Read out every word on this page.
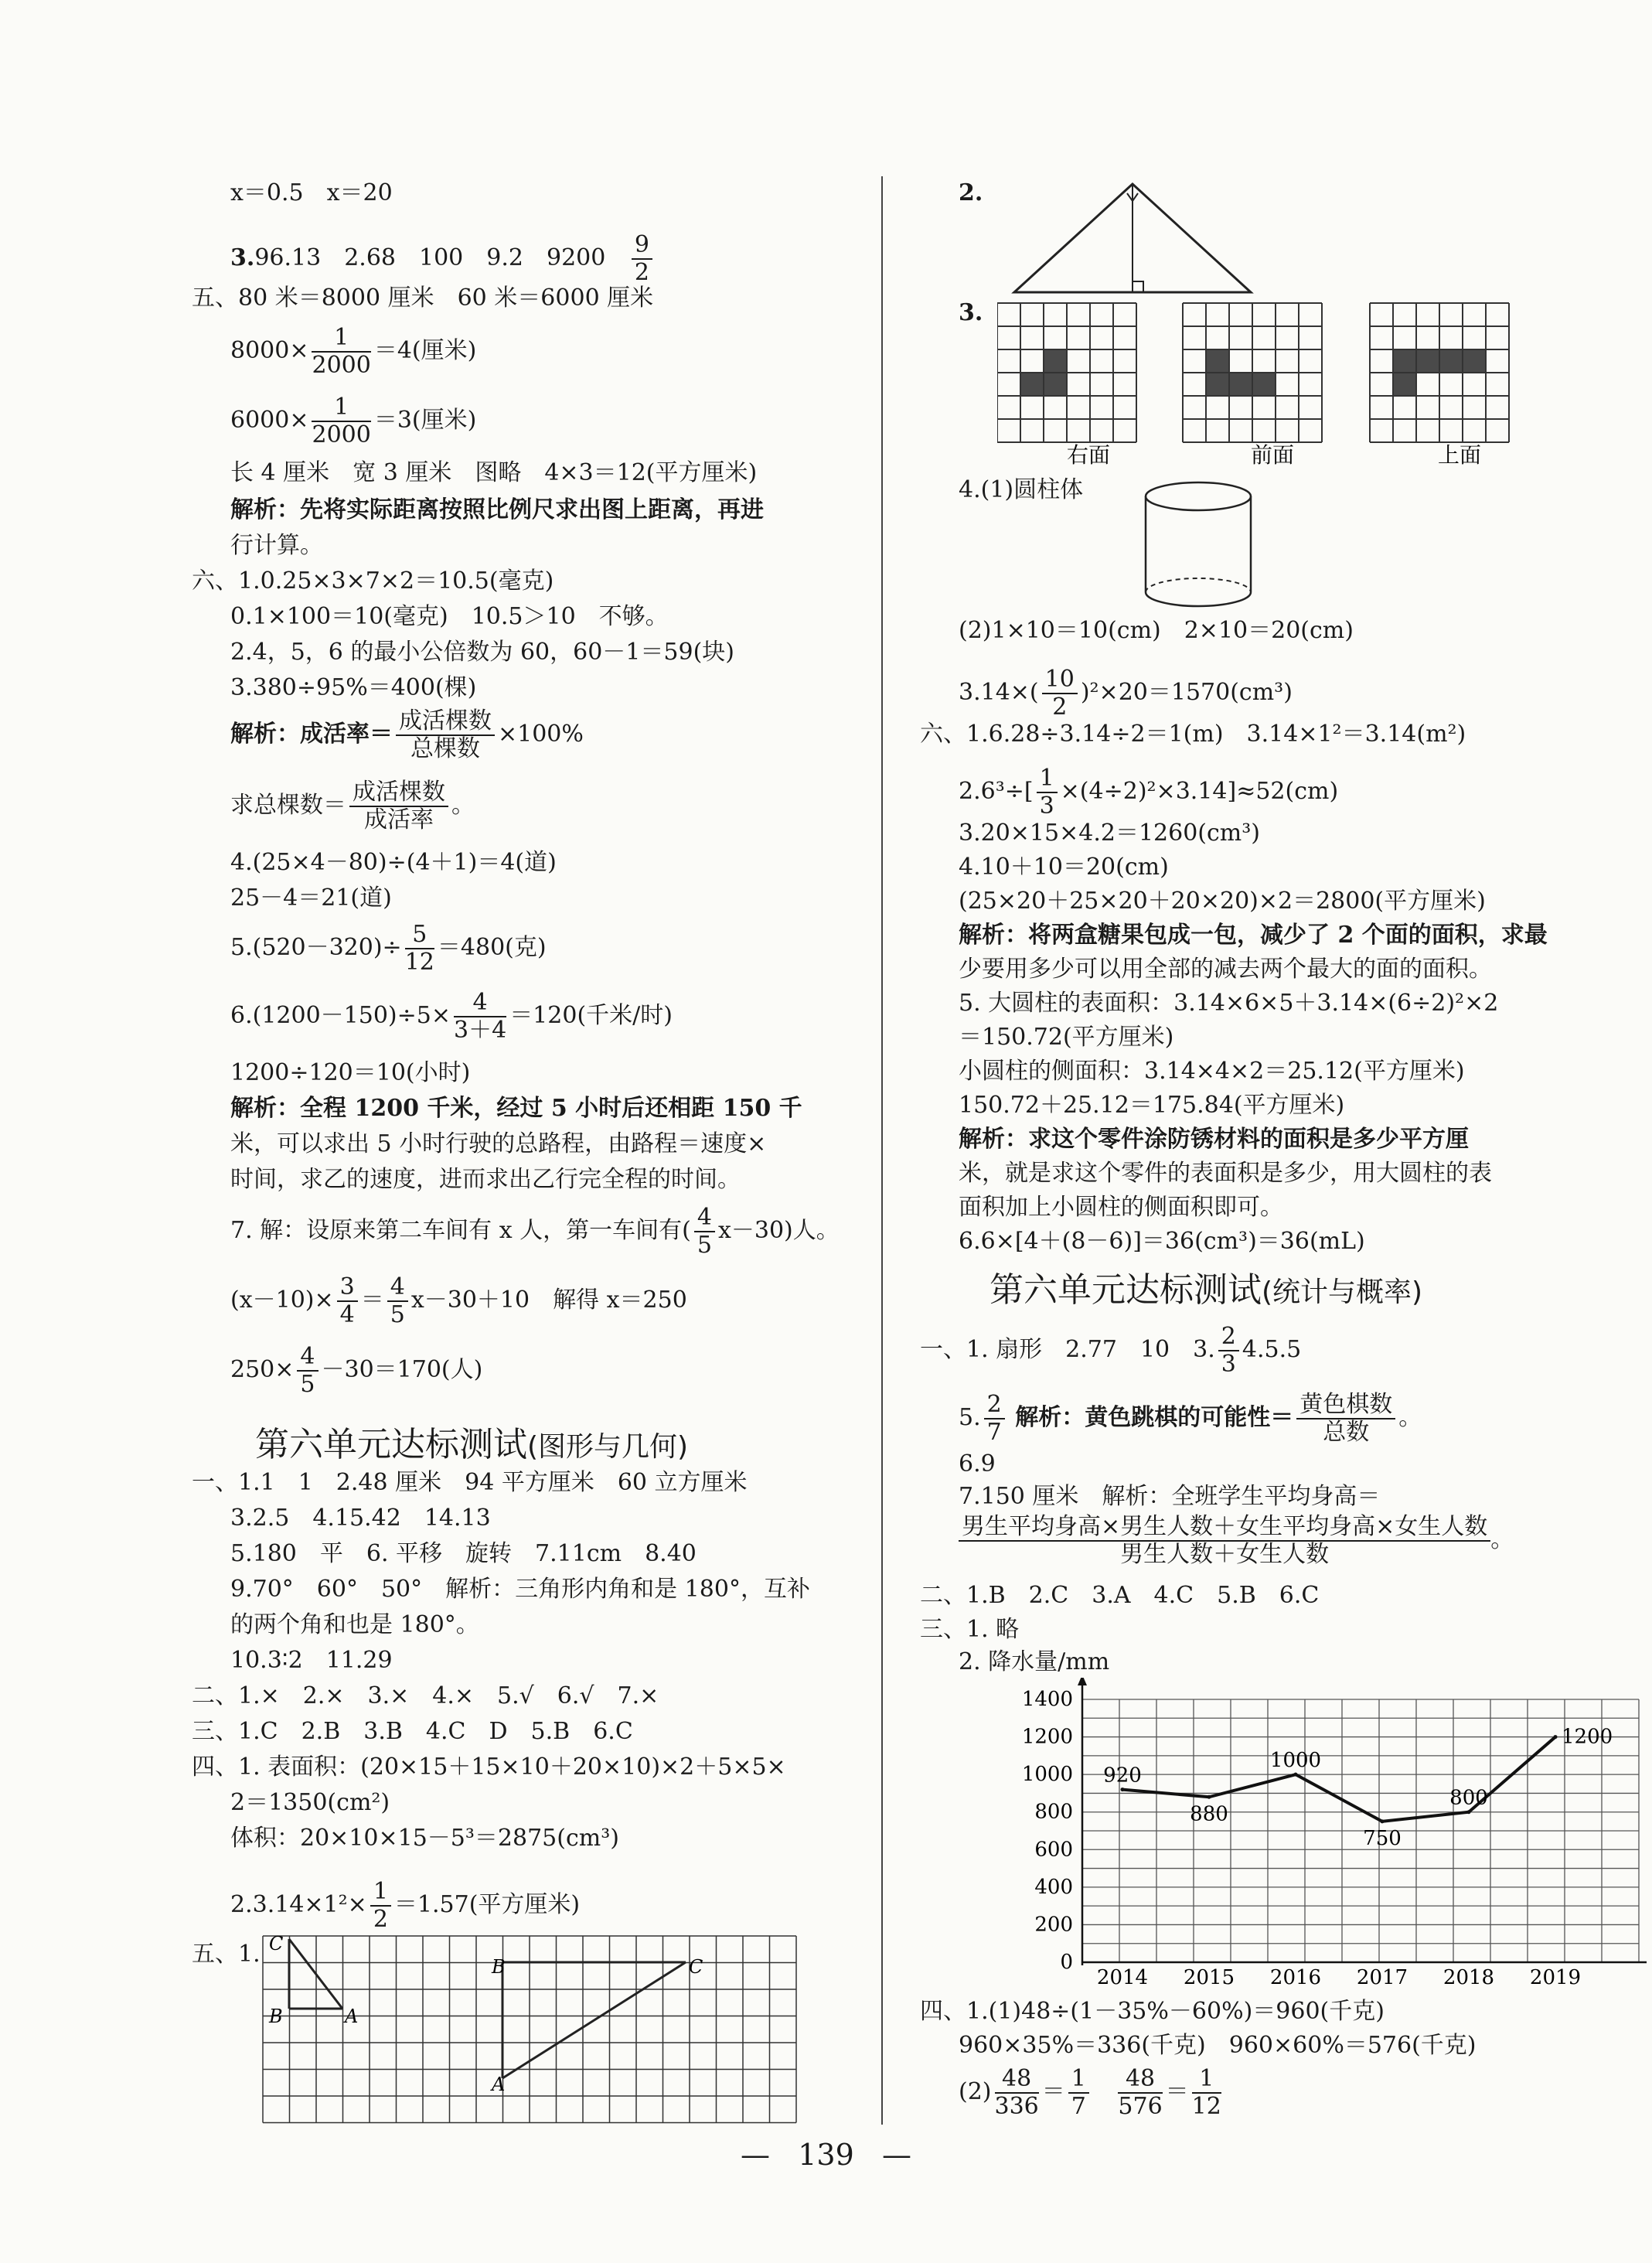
x＝0.5　x＝20
3.96.13　2.68　100　9.2　$9200 \frac{9}{2}$
五、80 米＝8000 厘米　60 米＝6000 厘米
$8000\times \frac{1}{2000} =4$(厘米)
$6000\times \frac{1}{2000} =3$(厘米)
长 4 厘米　宽 3 厘米　图略　4×3＝12(平方厘米)
解析：先将实际距离按照比例尺求出图上距离，再进
行计算。
六、1.0.25×3×7×2＝10.5(毫克)
0.1×100＝10(毫克)　10.5＞10　不够。
2.4，5，6 的最小公倍数为 60，60－1＝59(块)
3.380÷95%＝400(棵)
解析：成活率＝ $\frac{\text{成活棵数}}{\text{总棵数}} \times 100\%$
求总棵数＝ $\frac{\text{成活棵数}}{\text{成活率}}$ 。
4.(25×4－80)÷(4＋1)＝4(道)
25－4＝21(道)
$5.(520-320)\div \frac{5}{12} =480$(克)
$6.(1200-150)\div 5\times \frac{4}{3+4} =120$(千米/时)
1200÷120＝10(小时)
解析：全程 1200 千米，经过 5 小时后还相距 150 千
米，可以求出 5 小时行驶的总路程，由路程＝速度×
时间，求乙的速度，进而求出乙行完全程的时间。
7. 解：设原来第二车间有 x 人，第一车间有( $\frac{4}{5} x-30$)人。
$(x-10)\times \frac{3}{4} = \frac{4}{5} x-30+10$　解得 x＝250
$250\times \frac{4}{5} -30=170$(人)
第六单元达标测试(图形与几何)
一、1.1　1　2.48 厘米　94 平方厘米　60 立方厘米
3.2.5　4.15.42　14.13
5.180　平　6. 平移　旋转　7.11cm　8.40
9.70°　60°　50°　解析：三角形内角和是 180°，互补
的两个角和也是 180°。
10.3∶2　11.29
二、1.×　2.×　3.×　4.×　5.√　6.√　7.×
三、1.C　2.B　3.B　4.C　D　5.B　6.C
四、1. 表面积：(20×15＋15×10＋20×10)×2＋5×5×
2＝1350(cm²)
体积：20×10×15－5³＝2875(cm³)
$2.3.14\times 1^2\times \frac{1}{2} =1.57$(平方厘米)
五、1. C
B	A
B	C
A
2.
3.
右面	前面	上面
4.(1)圆柱体
(2)1×10＝10(cm)　2×10＝20(cm)
$3.14\times( \frac{10}{2} )^2\times 20=1570(cm^3)$
六、1.6.28÷3.14÷2＝1(m)　3.14×1²＝3.14(m²)
$2.6^3\div[ \frac{1}{3} \times(4\div 2)^2\times 3.14]\approx 52(cm)$
3.20×15×4.2＝1260(cm³)
4.10＋10＝20(cm)
(25×20＋25×20＋20×20)×2＝2800(平方厘米)
解析：将两盒糖果包成一包，减少了 2 个面的面积，求最
少要用多少可以用全部的减去两个最大的面的面积。
5. 大圆柱的表面积：3.14×6×5＋3.14×(6÷2)²×2
＝150.72(平方厘米)
小圆柱的侧面积：3.14×4×2＝25.12(平方厘米)
150.72＋25.12＝175.84(平方厘米)
解析：求这个零件涂防锈材料的面积是多少平方厘
米，就是求这个零件的表面积是多少，用大圆柱的表
面积加上小圆柱的侧面积即可。
6.6×[4＋(8－6)]＝36(cm³)＝36(mL)
第六单元达标测试(统计与概率)
一、1. 扇形　2.77　10　3. $\frac{2}{3} 4.5.5$
5. $\frac{2}{7}$ 解析：黄色跳棋的可能性＝ $\frac{\text{黄色棋数}}{\text{总数}}$ 。
6.9
7.150 厘米　解析：全班学生平均身高＝
$\frac{\text{男生平均身高×男生人数＋女生平均身高×女生人数}}{\text{男生人数＋女生人数}}$ 。
二、1.B　2.C　3.A　4.C　5.B　6.C
三、1. 略
2. 降水量/mm
0
200
400
600
800
1000
1200
1400
2014 2015 2016 2017 2018 2019
920
880
1000
750
800
1200
四、1.(1)48÷(1－35%－60%)＝960(千克)
960×35%＝336(千克)　960×60%＝576(千克)
$(2) \frac{48}{336} = \frac{1}{7}$
$\frac{48}{576} = \frac{1}{12}$
— 139 —
